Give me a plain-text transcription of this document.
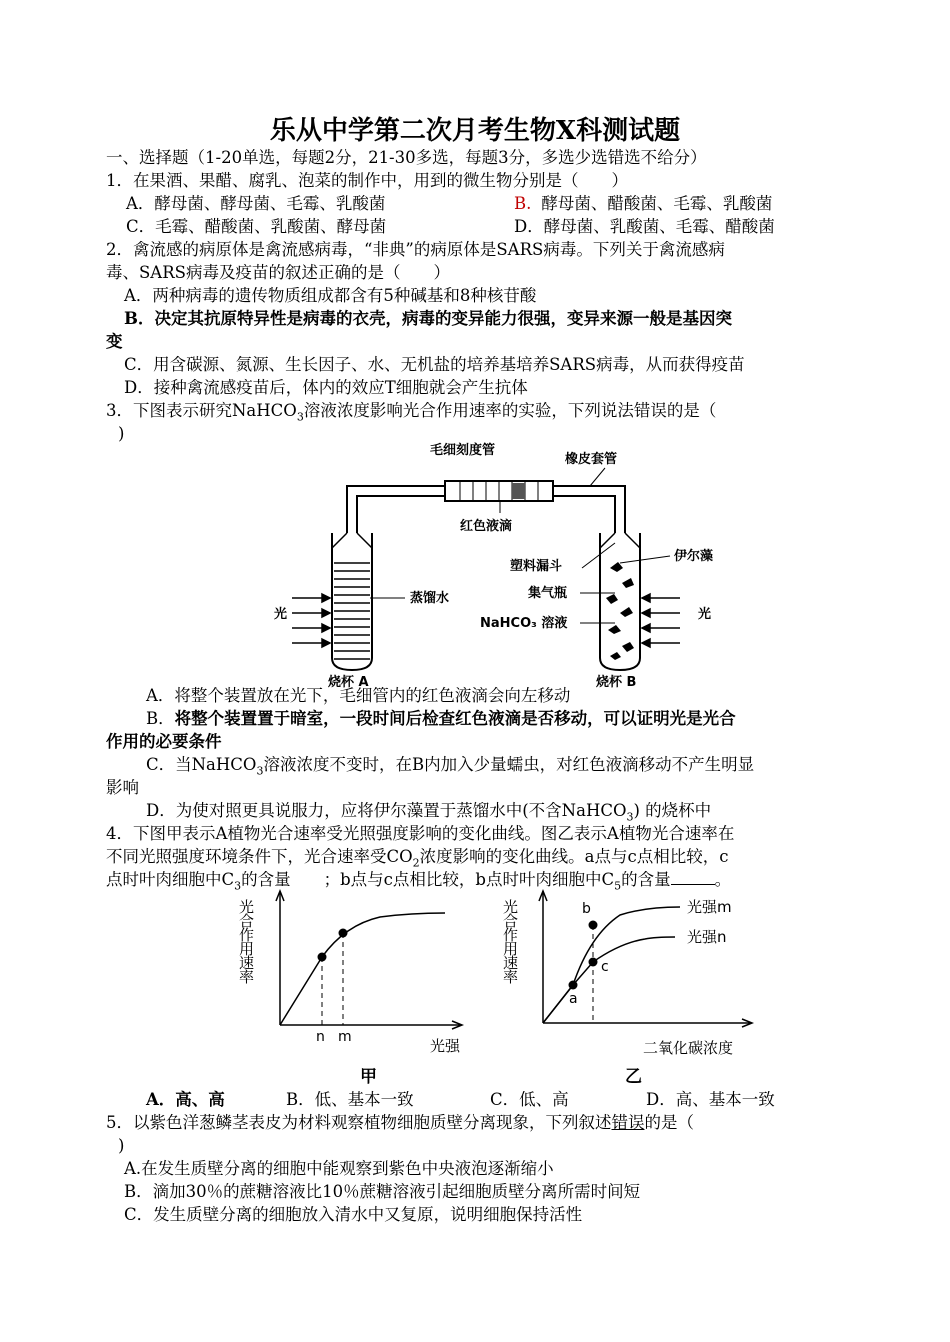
乐从中学第二次月考生物Ⅹ科测试题
一、选择题（1-20单选，每题2分，21-30多选，每题3分，多选少选错选不给分）
1．在果酒、果醋、腐乳、泡菜的制作中，用到的微生物分别是（　　）
A．酵母菌、酵母菌、毛霉、乳酸菌	B. 酵母菌、醋酸菌、毛霉、乳酸菌
C．毛霉、醋酸菌、乳酸菌、酵母菌	D．酵母菌、乳酸菌、毛霉、醋酸菌
2．禽流感的病原体是禽流感病毒，“非典”的病原体是SARS病毒。下列关于禽流感病
毒、SARS病毒及疫苗的叙述正确的是（　　）
A．两种病毒的遗传物质组成都含有5种碱基和8种核苷酸
B．决定其抗原特异性是病毒的衣壳，病毒的变异能力很强，变异来源一般是基因突
变
C．用含碳源、氮源、生长因子、水、无机盐的培养基培养SARS病毒，从而获得疫苗
D．接种禽流感疫苗后，体内的效应T细胞就会产生抗体
3．下图表示研究NaHCO$_3$溶液浓度影响光合作用速率的实验，下列说法错误的是（
)
毛细刻度管
橡皮套管
红色液滴
塑料漏斗
伊尔藻
蒸馏水	集气瓶
光	光
NaHCO₃ 溶液
烧杯 A	烧杯 B
A．将整个装置放在光下，毛细管内的红色液滴会向左移动
B．将整个装置置于暗室，一段时间后检查红色液滴是否移动，可以证明光是光合
作用的必要条件
C．当NaHCO$_3$溶液浓度不变时，在B内加入少量蠕虫，对红色液滴移动不产生明显
影响
D．为使对照更具说服力，应将伊尔藻置于蒸馏水中(不含NaHCO$_3$) 的烧杯中
4．下图甲表示A植物光合速率受光照强度影响的变化曲线。图乙表示A植物光合速率在
不同光照强度环境条件下，光合速率受$CO_2$浓度影响的变化曲线。a点与c点相比较，c
点时叶肉细胞中$C_3$的含量　　；b点与c点相比较，b点时叶肉细胞中$C_5$的含量	。
n m	光强
甲
光合作用速率
a
b
c
光强m
光强n
二氧化碳浓度
乙
光合作用速率
A．高、高	B．低、基本一致	C．低、高	D．高、基本一致
5．以紫色洋葱鳞茎表皮为材料观察植物细胞质壁分离现象，下列叙述错误的是（
)
A.在发生质壁分离的细胞中能观察到紫色中央液泡逐渐缩小
B．滴加30％的蔗糖溶液比10％蔗糖溶液引起细胞质壁分离所需时间短
C．发生质壁分离的细胞放入清水中又复原，说明细胞保持活性
